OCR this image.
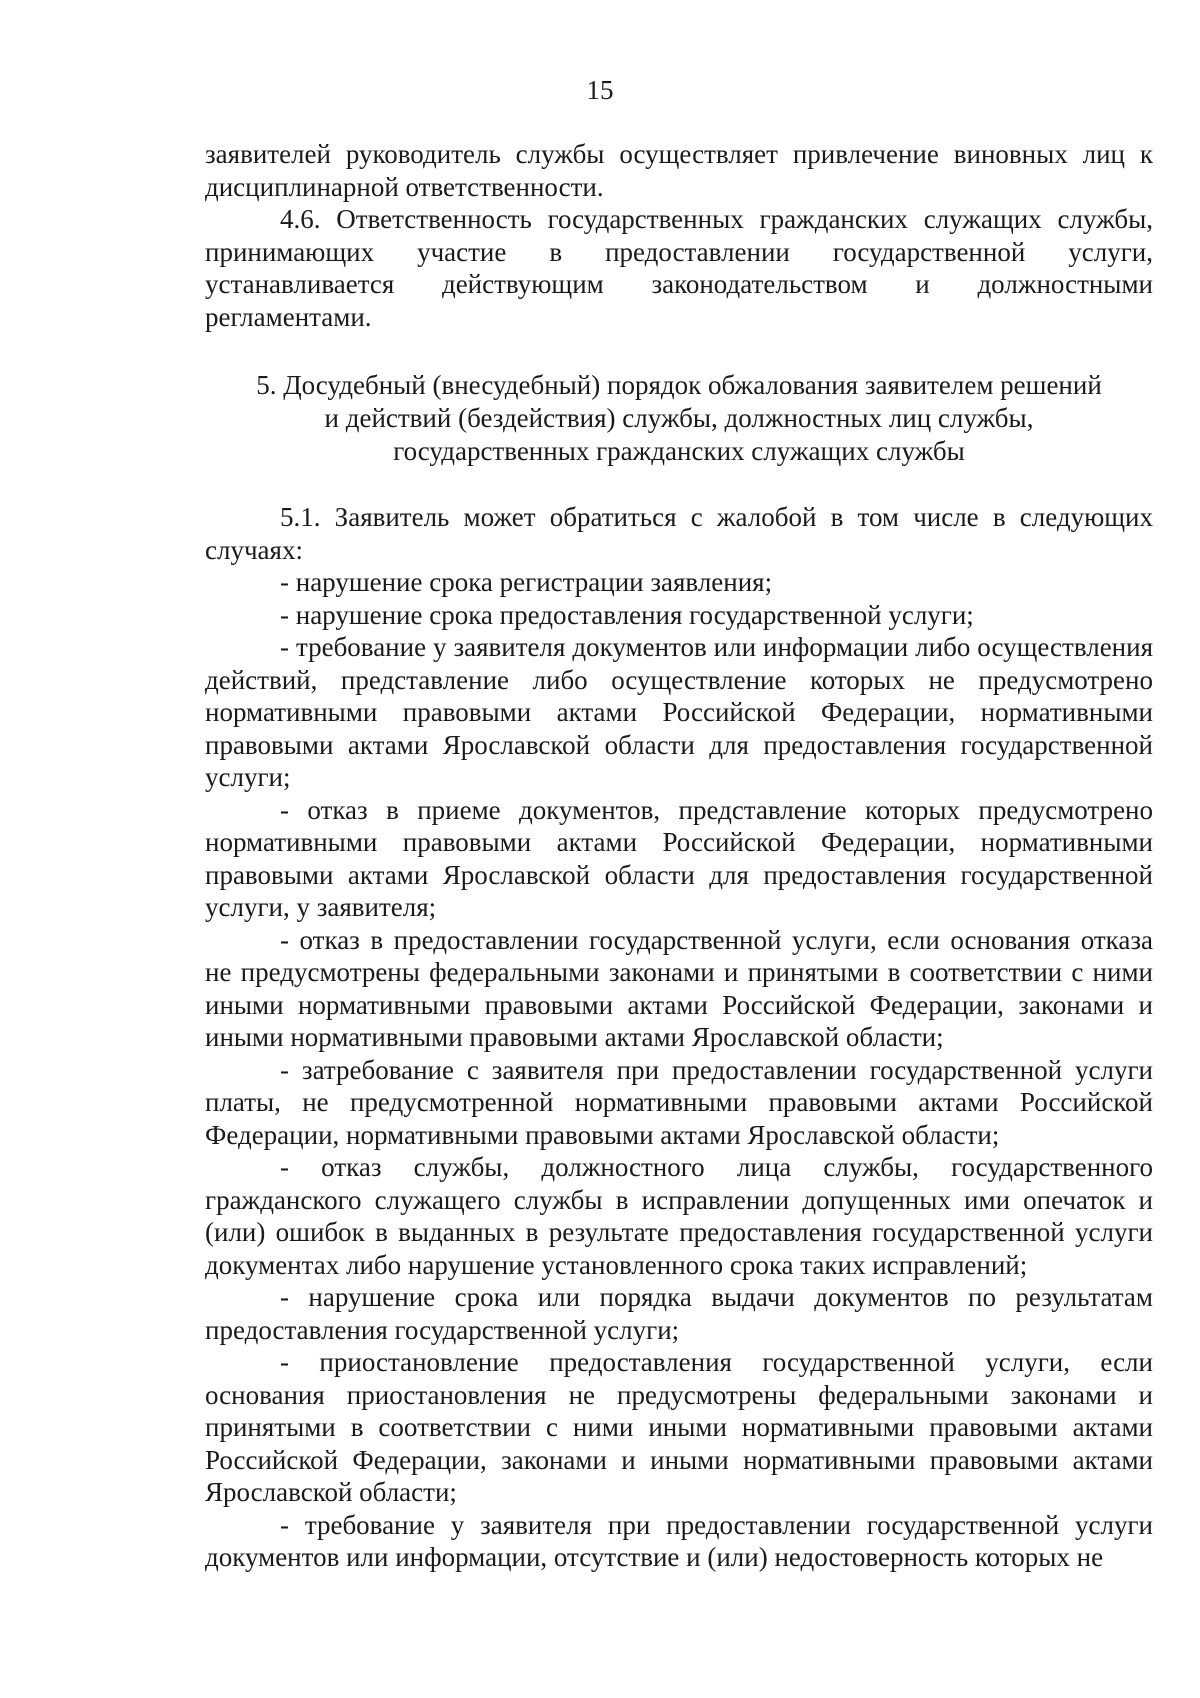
15

заявителей руководитель службы осуществляет привлечение виновных лиц к дисциплинарной ответственности.

4.6. Ответственность государственных гражданских служащих службы, принимающих участие в предоставлении государственной услуги, устанавливается действующим законодательством и должностными регламентами.

5. Досудебный (внесудебный) порядок обжалования заявителем решений
и действий (бездействия) службы, должностных лиц службы,
государственных гражданских служащих службы

5.1. Заявитель может обратиться с жалобой в том числе в следующих случаях:

- нарушение срока регистрации заявления;

- нарушение срока предоставления государственной услуги;

- требование у заявителя документов или информации либо осуществления действий, представление либо осуществление которых не предусмотрено нормативными правовыми актами Российской Федерации, нормативными правовыми актами Ярославской области для предоставления государственной услуги;

- отказ в приеме документов, представление которых предусмотрено нормативными правовыми актами Российской Федерации, нормативными правовыми актами Ярославской области для предоставления государственной услуги, у заявителя;

- отказ в предоставлении государственной услуги, если основания отказа не предусмотрены федеральными законами и принятыми в соответствии с ними иными нормативными правовыми актами Российской Федерации, законами и иными нормативными правовыми актами Ярославской области;

- затребование с заявителя при предоставлении государственной услуги платы, не предусмотренной нормативными правовыми актами Российской Федерации, нормативными правовыми актами Ярославской области;

- отказ службы, должностного лица службы, государственного гражданского служащего службы в исправлении допущенных ими опечаток и (или) ошибок в выданных в результате предоставления государственной услуги документах либо нарушение установленного срока таких исправлений;

- нарушение срока или порядка выдачи документов по результатам предоставления государственной услуги;

- приостановление предоставления государственной услуги, если основания приостановления не предусмотрены федеральными законами и принятыми в соответствии с ними иными нормативными правовыми актами Российской Федерации, законами и иными нормативными правовыми актами Ярославской области;

- требование у заявителя при предоставлении государственной услуги документов или информации, отсутствие и (или) недостоверность которых не
